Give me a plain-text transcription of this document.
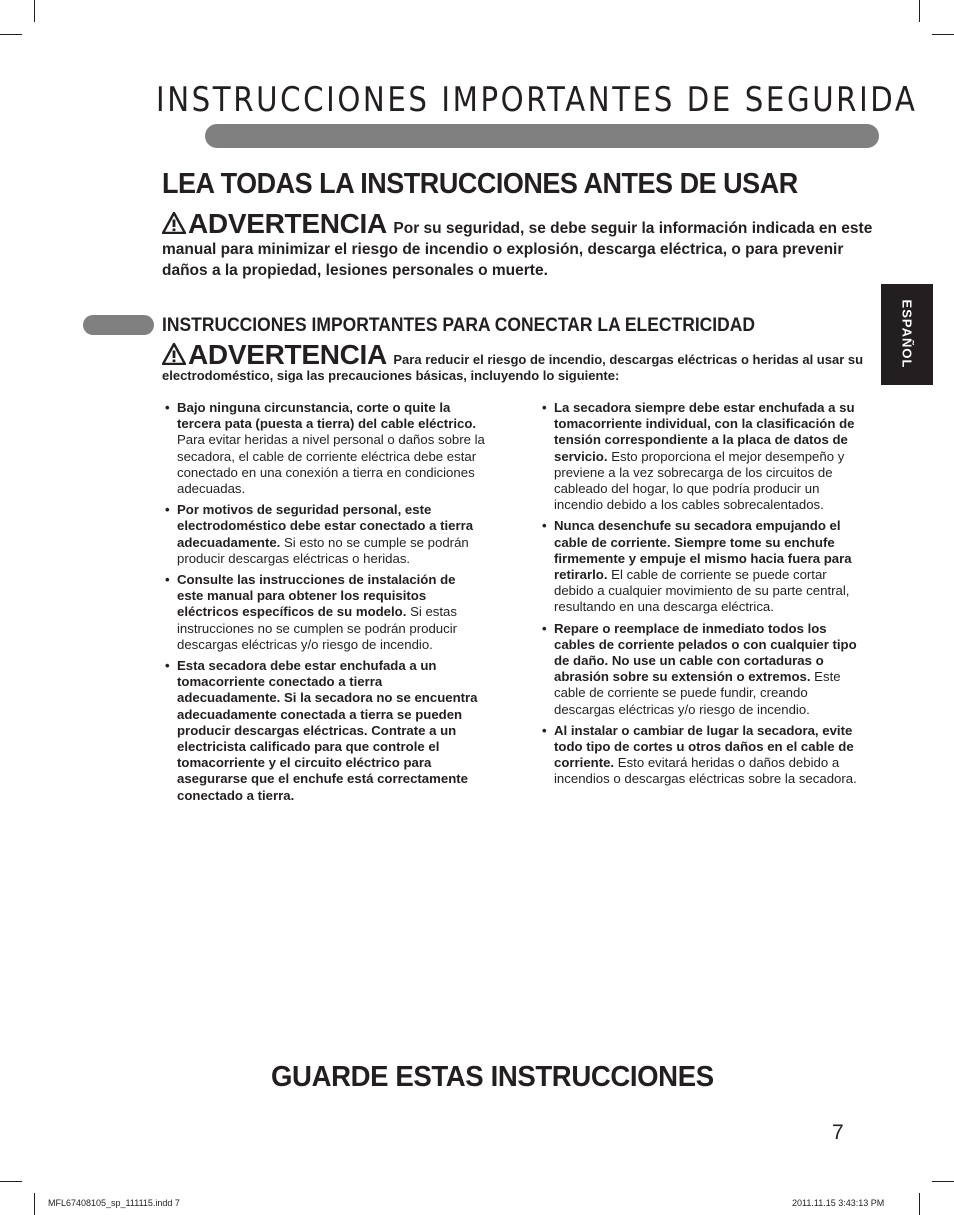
INSTRUCCIONES IMPORTANTES DE SEGURIDA
LEA TODAS LA INSTRUCCIONES ANTES DE USAR

ADVERTENCIA Por su seguridad, se debe seguir la información indicada en este manual para minimizar el riesgo de incendio o explosión, descarga eléctrica, o para prevenir daños a la propiedad, lesiones personales o muerte.

ESPAÑOL
INSTRUCCIONES IMPORTANTES PARA CONECTAR LA ELECTRICIDAD

ADVERTENCIA Para reducir el riesgo de incendio, descargas eléctricas o heridas al usar su electrodoméstico, siga las precauciones básicas, incluyendo lo siguiente:

• Bajo ninguna circunstancia, corte o quite la tercera pata (puesta a tierra) del cable eléctrico. Para evitar heridas a nivel personal o daños sobre la secadora, el cable de corriente eléctrica debe estar conectado en una conexión a tierra en condiciones adecuadas.
• Por motivos de seguridad personal, este electrodoméstico debe estar conectado a tierra adecuadamente. Si esto no se cumple se podrán producir descargas eléctricas o heridas.
• Consulte las instrucciones de instalación de este manual para obtener los requisitos eléctricos específicos de su modelo. Si estas instrucciones no se cumplen se podrán producir descargas eléctricas y/o riesgo de incendio.
• Esta secadora debe estar enchufada a un tomacorriente conectado a tierra adecuadamente. Si la secadora no se encuentra adecuadamente conectada a tierra se pueden producir descargas eléctricas. Contrate a un electricista calificado para que controle el tomacorriente y el circuito eléctrico para asegurarse que el enchufe está correctamente conectado a tierra.
• La secadora siempre debe estar enchufada a su tomacorriente individual, con la clasificación de tensión correspondiente a la placa de datos de servicio. Esto proporciona el mejor desempeño y previene a la vez sobrecarga de los circuitos de cableado del hogar, lo que podría producir un incendio debido a los cables sobrecalentados.
• Nunca desenchufe su secadora empujando el cable de corriente. Siempre tome su enchufe firmemente y empuje el mismo hacia fuera para retirarlo. El cable de corriente se puede cortar debido a cualquier movimiento de su parte central, resultando en una descarga eléctrica.
• Repare o reemplace de inmediato todos los cables de corriente pelados o con cualquier tipo de daño. No use un cable con cortaduras o abrasión sobre su extensión o extremos. Este cable de corriente se puede fundir, creando descargas eléctricas y/o riesgo de incendio.
• Al instalar o cambiar de lugar la secadora, evite todo tipo de cortes u otros daños en el cable de corriente. Esto evitará heridas o daños debido a incendios o descargas eléctricas sobre la secadora.
GUARDE ESTAS INSTRUCCIONES
7
MFL67408105_sp_111115.indd 7	2011.11.15 3:43:13 PM
